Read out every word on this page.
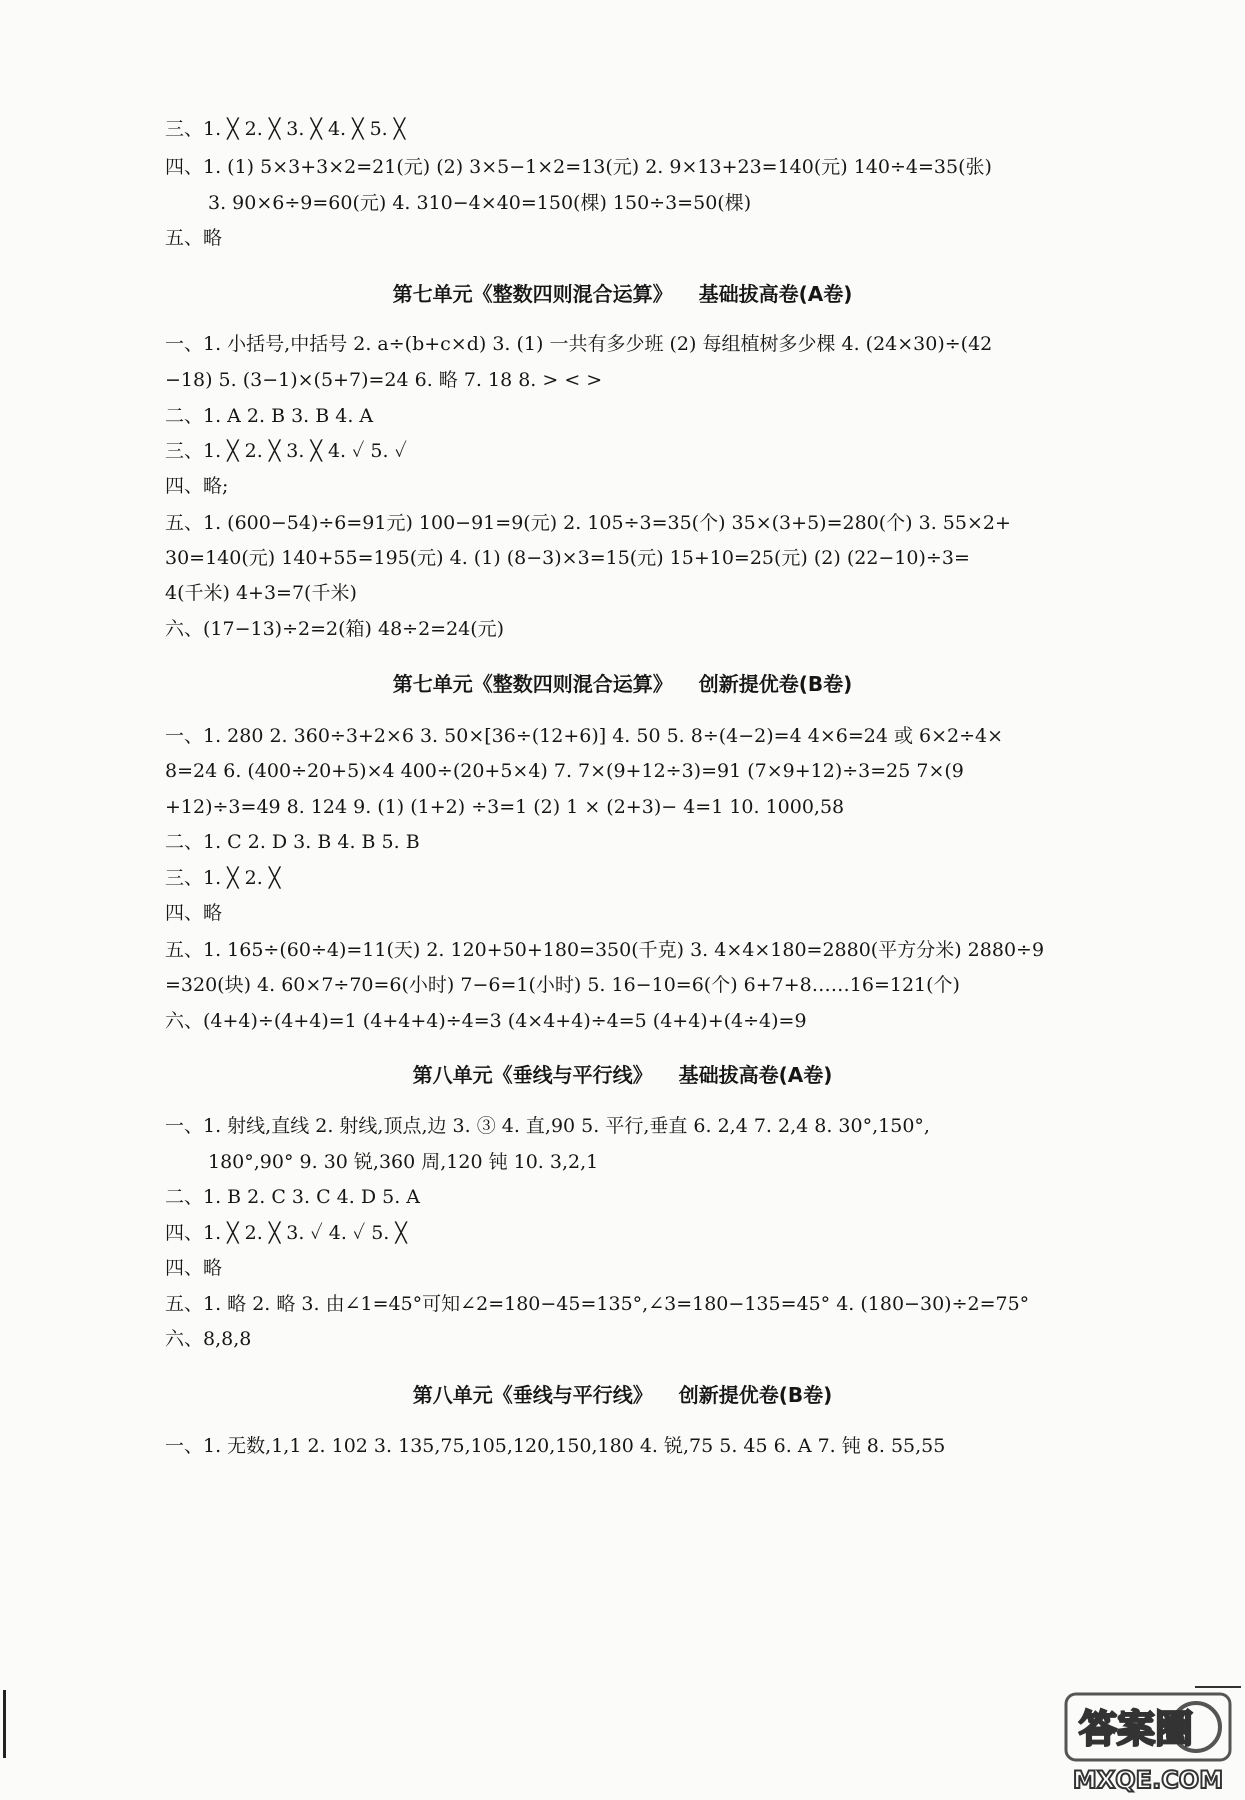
三、1. ╳ 2. ╳ 3. ╳ 4. ╳ 5. ╳
四、1. (1) 5×3+3×2=21(元) (2) 3×5−1×2=13(元) 2. 9×13+23=140(元) 140÷4=35(张)
3. 90×6÷9=60(元) 4. 310−4×40=150(棵) 150÷3=50(棵)
五、略
第七单元《整数四则混合运算》 基础拔高卷(A卷)
一、1. 小括号,中括号 2. a÷(b+c×d) 3. (1) 一共有多少班 (2) 每组植树多少棵 4. (24×30)÷(42
−18) 5. (3−1)×(5+7)=24 6. 略 7. 18 8. > < >
二、1. A 2. B 3. B 4. A
三、1. ╳ 2. ╳ 3. ╳ 4. ✓ 5. ✓
四、略;
五、1. (600−54)÷6=91元) 100−91=9(元) 2. 105÷3=35(个) 35×(3+5)=280(个) 3. 55×2+
30=140(元) 140+55=195(元) 4. (1) (8−3)×3=15(元) 15+10=25(元) (2) (22−10)÷3=
4(千米) 4+3=7(千米)
六、(17−13)÷2=2(箱) 48÷2=24(元)
第七单元《整数四则混合运算》 创新提优卷(B卷)
一、1. 280 2. 360÷3+2×6 3. 50×[36÷(12+6)] 4. 50 5. 8÷(4−2)=4 4×6=24 或 6×2÷4×
8=24 6. (400÷20+5)×4 400÷(20+5×4) 7. 7×(9+12÷3)=91 (7×9+12)÷3=25 7×(9
+12)÷3=49 8. 124 9. (1) (1+2) ÷3=1 (2) 1 × (2+3)− 4=1 10. 1000,58
二、1. C 2. D 3. B 4. B 5. B
三、1. ╳ 2. ╳
四、略
五、1. 165÷(60÷4)=11(天) 2. 120+50+180=350(千克) 3. 4×4×180=2880(平方分米) 2880÷9
=320(块) 4. 60×7÷70=6(小时) 7−6=1(小时) 5. 16−10=6(个) 6+7+8……16=121(个)
六、(4+4)÷(4+4)=1 (4+4+4)÷4=3 (4×4+4)÷4=5 (4+4)+(4÷4)=9
第八单元《垂线与平行线》 基础拔高卷(A卷)
一、1. 射线,直线 2. 射线,顶点,边 3. ③ 4. 直,90 5. 平行,垂直 6. 2,4 7. 2,4 8. 30°,150°,
180°,90° 9. 30 锐,360 周,120 钝 10. 3,2,1
二、1. B 2. C 3. C 4. D 5. A
四、1. ╳ 2. ╳ 3. ✓ 4. ✓ 5. ╳
四、略
五、1. 略 2. 略 3. 由∠1=45°可知∠2=180−45=135°,∠3=180−135=45° 4. (180−30)÷2=75°
六、8,8,8
第八单元《垂线与平行线》 创新提优卷(B卷)
一、1. 无数,1,1 2. 102 3. 135,75,105,120,150,180 4. 锐,75 5. 45 6. A 7. 钝 8. 55,55
答案圈
MXQE.COM
